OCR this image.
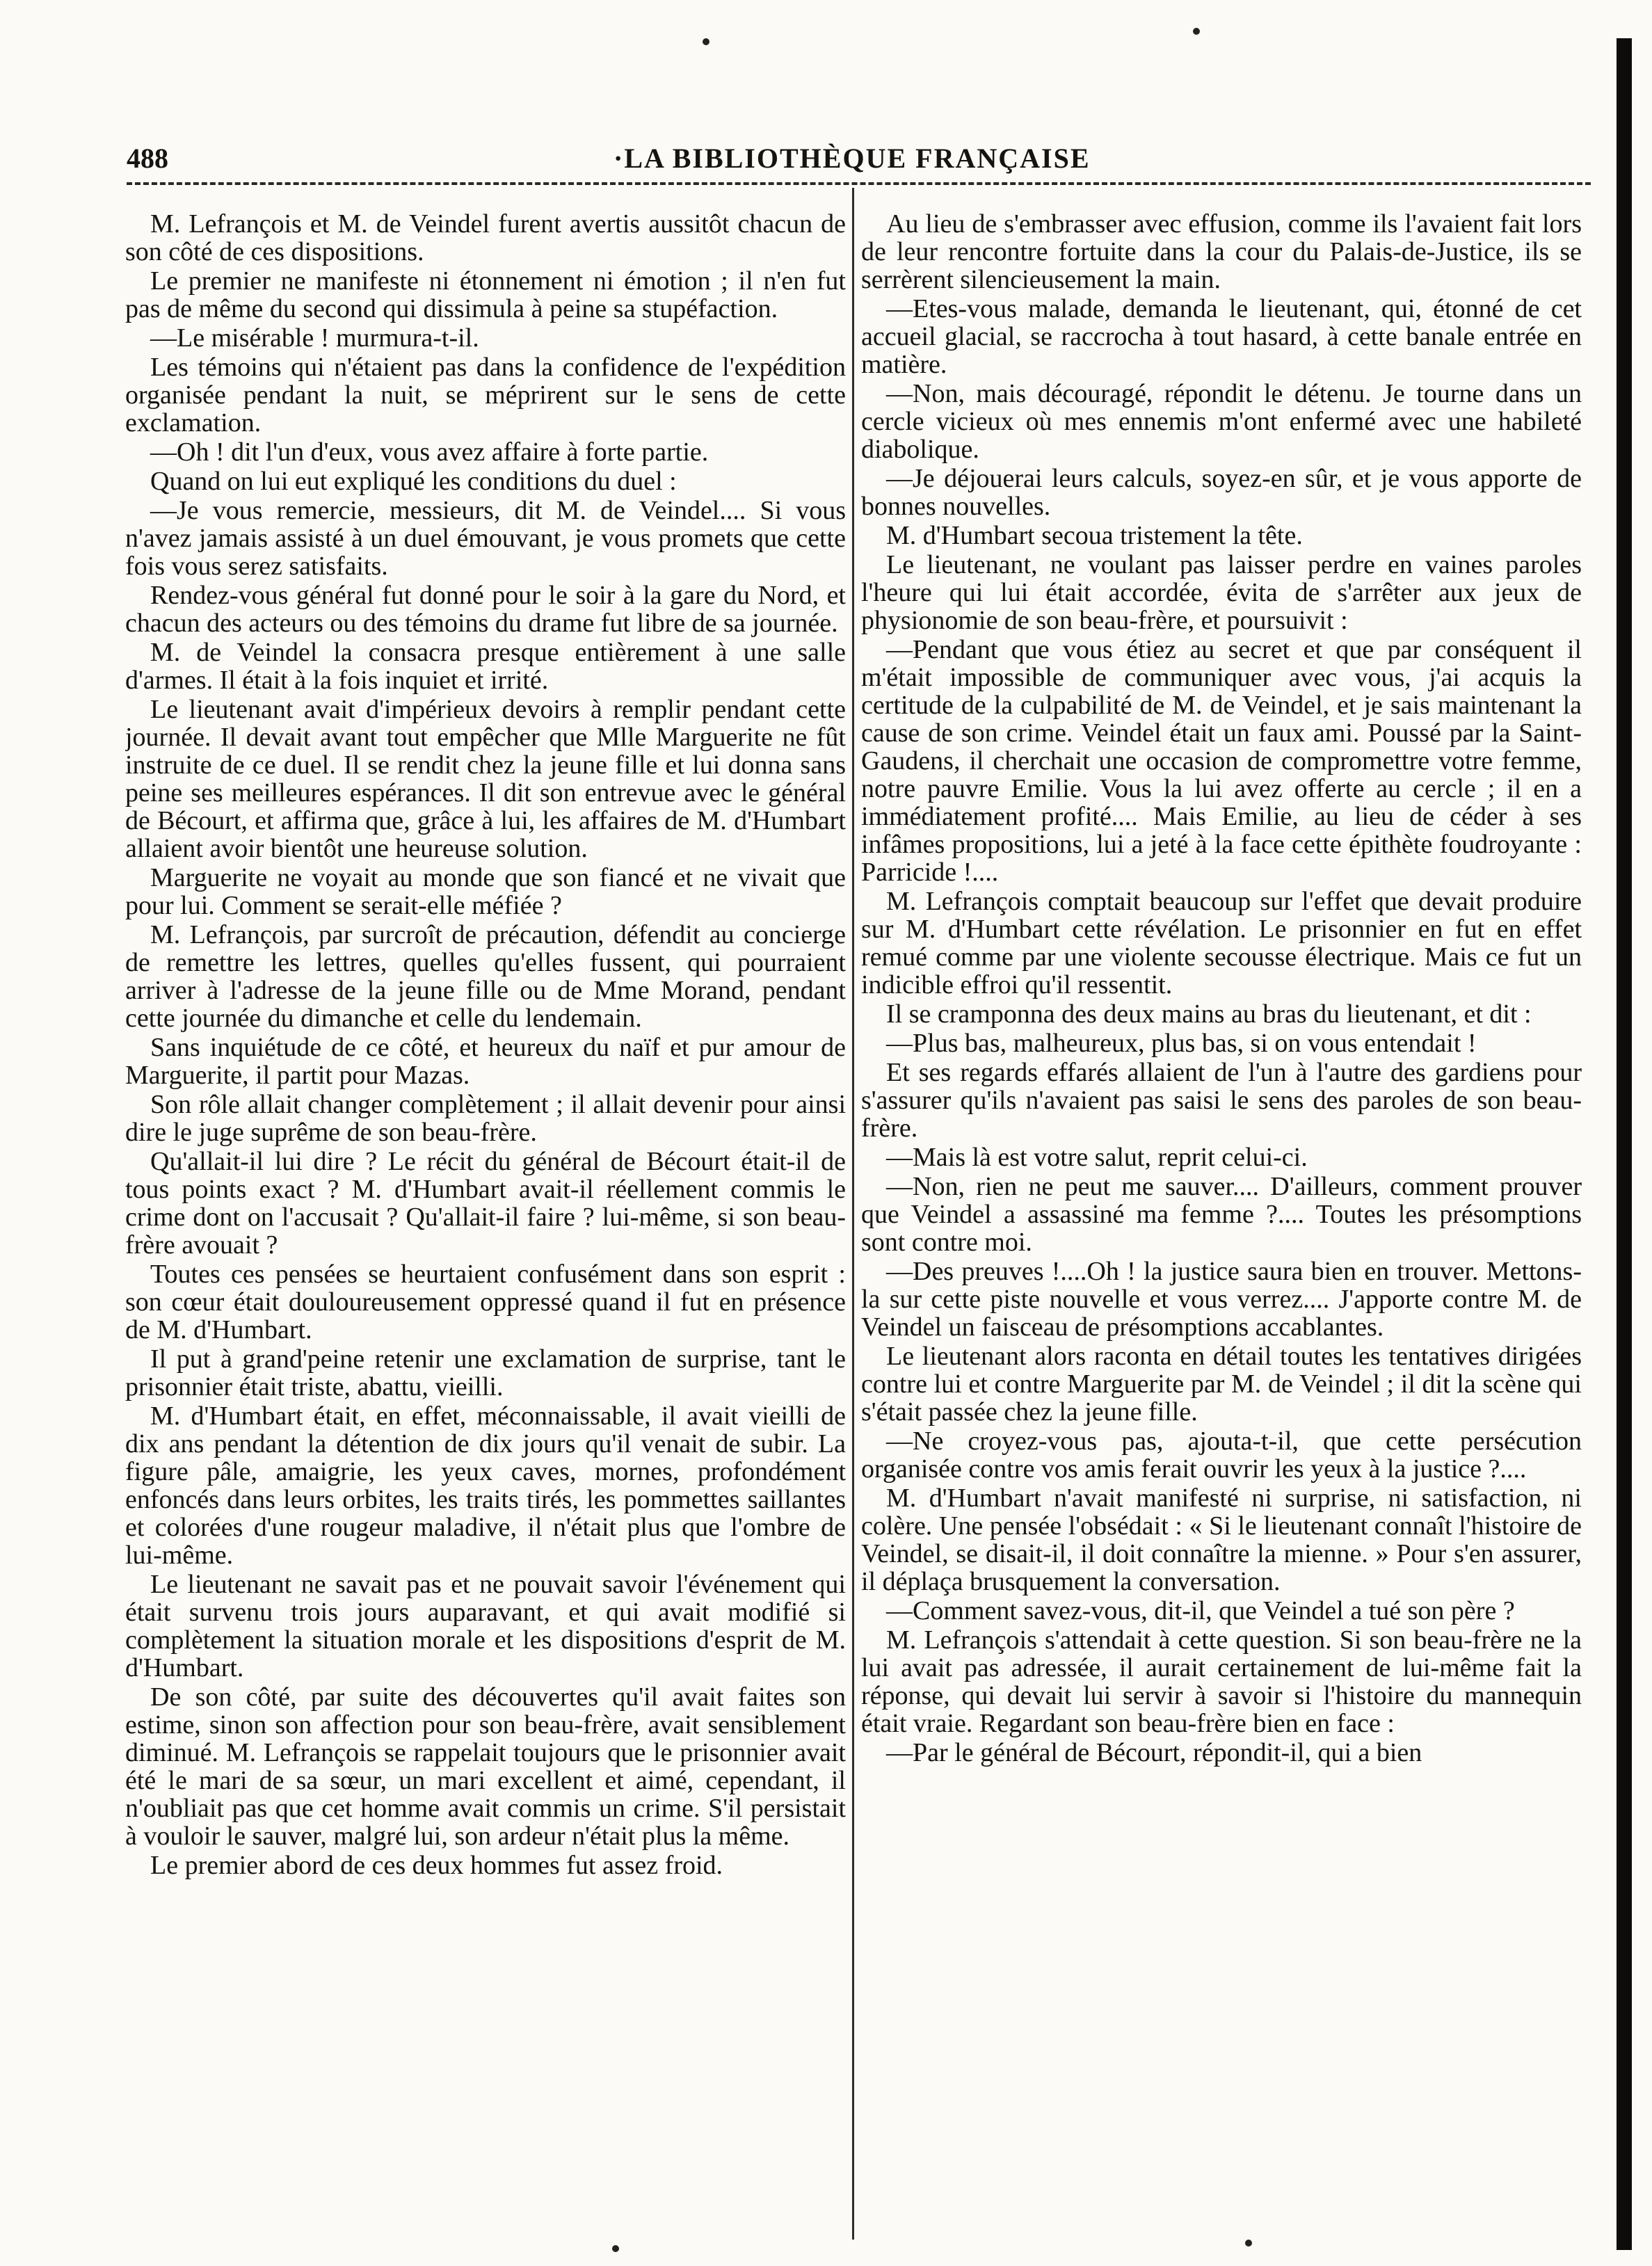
488	·LA BIBLIOTHÈQUE FRANÇAISE

M. Lefrançois et M. de Veindel furent avertis aussitôt chacun de son côté de ces dispositions.

Le premier ne manifeste ni étonnement ni émotion ; il n'en fut pas de même du second qui dissimula à peine sa stupéfaction.

—Le misérable ! murmura-t-il.

Les témoins qui n'étaient pas dans la confidence de l'expédition organisée pendant la nuit, se méprirent sur le sens de cette exclamation.

—Oh ! dit l'un d'eux, vous avez affaire à forte partie.

Quand on lui eut expliqué les conditions du duel :

—Je vous remercie, messieurs, dit M. de Veindel.... Si vous n'avez jamais assisté à un duel émouvant, je vous promets que cette fois vous serez satisfaits.

Rendez-vous général fut donné pour le soir à la gare du Nord, et chacun des acteurs ou des témoins du drame fut libre de sa journée.

M. de Veindel la consacra presque entièrement à une salle d'armes. Il était à la fois inquiet et irrité.

Le lieutenant avait d'impérieux devoirs à remplir pendant cette journée. Il devait avant tout empêcher que Mlle Marguerite ne fût instruite de ce duel. Il se rendit chez la jeune fille et lui donna sans peine ses meilleures espérances. Il dit son entrevue avec le général de Bécourt, et affirma que, grâce à lui, les affaires de M. d'Humbart allaient avoir bientôt une heureuse solution.

Marguerite ne voyait au monde que son fiancé et ne vivait que pour lui. Comment se serait-elle méfiée ?

M. Lefrançois, par surcroît de précaution, défendit au concierge de remettre les lettres, quelles qu'elles fussent, qui pourraient arriver à l'adresse de la jeune fille ou de Mme Morand, pendant cette journée du dimanche et celle du lendemain.

Sans inquiétude de ce côté, et heureux du naïf et pur amour de Marguerite, il partit pour Mazas.

Son rôle allait changer complètement ; il allait devenir pour ainsi dire le juge suprême de son beau-frère.

Qu'allait-il lui dire ? Le récit du général de Bécourt était-il de tous points exact ? M. d'Humbart avait-il réellement commis le crime dont on l'accusait ? Qu'allait-il faire ? lui-même, si son beau-frère avouait ?

Toutes ces pensées se heurtaient confusément dans son esprit : son cœur était douloureusement oppressé quand il fut en présence de M. d'Humbart.

Il put à grand'peine retenir une exclamation de surprise, tant le prisonnier était triste, abattu, vieilli.

M. d'Humbart était, en effet, méconnaissable, il avait vieilli de dix ans pendant la détention de dix jours qu'il venait de subir. La figure pâle, amaigrie, les yeux caves, mornes, profondément enfoncés dans leurs orbites, les traits tirés, les pommettes saillantes et colorées d'une rougeur maladive, il n'était plus que l'ombre de lui-même.

Le lieutenant ne savait pas et ne pouvait savoir l'événement qui était survenu trois jours auparavant, et qui avait modifié si complètement la situation morale et les dispositions d'esprit de M. d'Humbart.

De son côté, par suite des découvertes qu'il avait faites son estime, sinon son affection pour son beau-frère, avait sensiblement diminué. M. Lefrançois se rappelait toujours que le prisonnier avait été le mari de sa sœur, un mari excellent et aimé, cependant, il n'oubliait pas que cet homme avait commis un crime. S'il persistait à vouloir le sauver, malgré lui, son ardeur n'était plus la même.

Le premier abord de ces deux hommes fut assez froid.

Au lieu de s'embrasser avec effusion, comme ils l'avaient fait lors de leur rencontre fortuite dans la cour du Palais-de-Justice, ils se serrèrent silencieusement la main.

—Etes-vous malade, demanda le lieutenant, qui, étonné de cet accueil glacial, se raccrocha à tout hasard, à cette banale entrée en matière.

—Non, mais découragé, répondit le détenu. Je tourne dans un cercle vicieux où mes ennemis m'ont enfermé avec une habileté diabolique.

—Je déjouerai leurs calculs, soyez-en sûr, et je vous apporte de bonnes nouvelles.

M. d'Humbart secoua tristement la tête.

Le lieutenant, ne voulant pas laisser perdre en vaines paroles l'heure qui lui était accordée, évita de s'arrêter aux jeux de physionomie de son beau-frère, et poursuivit :

—Pendant que vous étiez au secret et que par conséquent il m'était impossible de communiquer avec vous, j'ai acquis la certitude de la culpabilité de M. de Veindel, et je sais maintenant la cause de son crime. Veindel était un faux ami. Poussé par la Saint-Gaudens, il cherchait une occasion de compromettre votre femme, notre pauvre Emilie. Vous la lui avez offerte au cercle ; il en a immédiatement profité.... Mais Emilie, au lieu de céder à ses infâmes propositions, lui a jeté à la face cette épithète foudroyante : Parricide !....

M. Lefrançois comptait beaucoup sur l'effet que devait produire sur M. d'Humbart cette révélation. Le prisonnier en fut en effet remué comme par une violente secousse électrique. Mais ce fut un indicible effroi qu'il ressentit.

Il se cramponna des deux mains au bras du lieutenant, et dit :

—Plus bas, malheureux, plus bas, si on vous entendait !

Et ses regards effarés allaient de l'un à l'autre des gardiens pour s'assurer qu'ils n'avaient pas saisi le sens des paroles de son beau-frère.

—Mais là est votre salut, reprit celui-ci.

—Non, rien ne peut me sauver.... D'ailleurs, comment prouver que Veindel a assassiné ma femme ?.... Toutes les présomptions sont contre moi.

—Des preuves !....Oh ! la justice saura bien en trouver. Mettons-la sur cette piste nouvelle et vous verrez.... J'apporte contre M. de Veindel un faisceau de présomptions accablantes.

Le lieutenant alors raconta en détail toutes les tentatives dirigées contre lui et contre Marguerite par M. de Veindel ; il dit la scène qui s'était passée chez la jeune fille.

—Ne croyez-vous pas, ajouta-t-il, que cette persécution organisée contre vos amis ferait ouvrir les yeux à la justice ?....

M. d'Humbart n'avait manifesté ni surprise, ni satisfaction, ni colère. Une pensée l'obsédait : « Si le lieutenant connaît l'histoire de Veindel, se disait-il, il doit connaître la mienne. » Pour s'en assurer, il déplaça brusquement la conversation.

—Comment savez-vous, dit-il, que Veindel a tué son père ?

M. Lefrançois s'attendait à cette question. Si son beau-frère ne la lui avait pas adressée, il aurait certainement de lui-même fait la réponse, qui devait lui servir à savoir si l'histoire du mannequin était vraie. Regardant son beau-frère bien en face :

—Par le général de Bécourt, répondit-il, qui a bien
